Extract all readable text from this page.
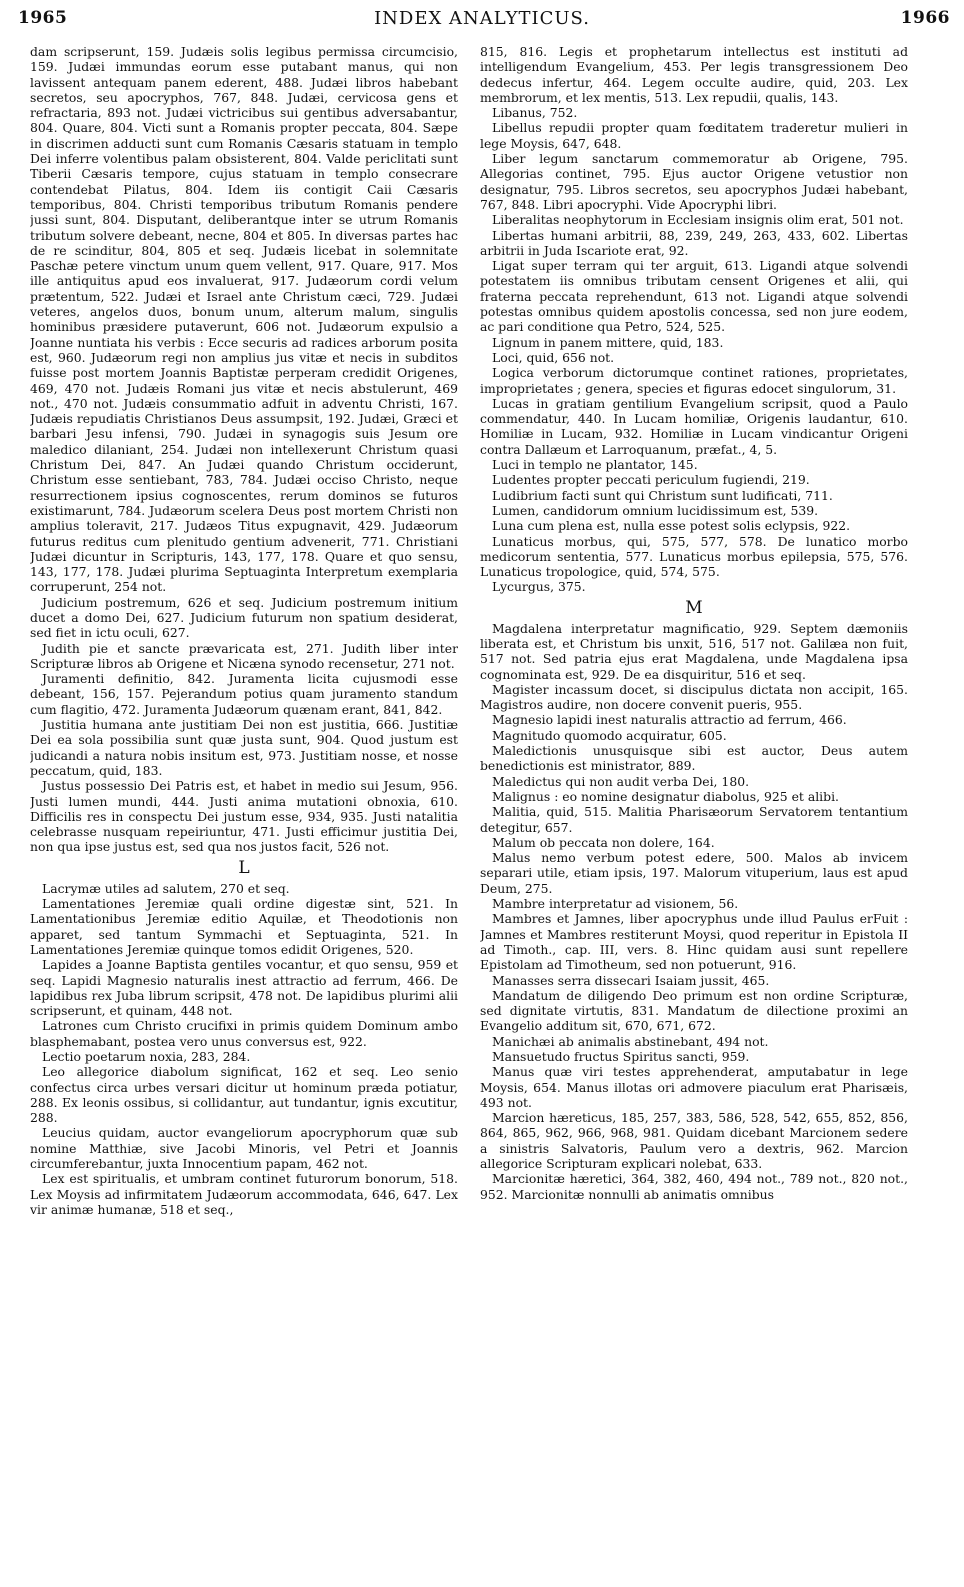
1965	INDEX ANALYTICUS.	1966

dam scripserunt, 159. Judæis solis legibus permissa circumcisio, 159. Judæi immundas eorum esse putabant manus, qui non lavissent antequam panem ederent, 488. Judæi libros habebant secretos, seu apocryphos, 767, 848. Judæi, cervicosa gens et refractaria, 893 not. Judæi victricibus sui gentibus adversabantur, 804. Quare, 804. Victi sunt a Romanis propter peccata, 804. Sæpe in discrimen adducti sunt cum Romanis Cæsaris statuam in templo Dei inferre volentibus palam obsisterent, 804. Valde periclitati sunt Tiberii Cæsaris tempore, cujus statuam in templo consecrare contendebat Pilatus, 804. Idem iis contigit Caii Cæsaris temporibus, 804. Christi temporibus tributum Romanis pendere jussi sunt, 804. Disputant, deliberantque inter se utrum Romanis tributum solvere debeant, necne, 804 et 805. In diversas partes hac de re scinditur, 804, 805 et seq. Judæis licebat in solemnitate Paschæ petere vinctum unum quem vellent, 917. Quare, 917. Mos ille antiquitus apud eos invaluerat, 917. Judæorum cordi velum prætentum, 522. Judæi et Israel ante Christum cæci, 729. Judæi veteres, angelos duos, bonum unum, alterum malum, singulis hominibus præsidere putaverunt, 606 not. Judæorum expulsio a Joanne nuntiata his verbis : Ecce securis ad radices arborum posita est, 960. Judæorum regi non amplius jus vitæ et necis in subditos fuisse post mortem Joannis Baptistæ perperam credidit Origenes, 469, 470 not. Judæis Romani jus vitæ et necis abstulerunt, 469 not., 470 not. Judæis consummatio adfuit in adventu Christi, 167. Judæis repudiatis Christianos Deus assumpsit, 192. Judæi, Græci et barbari Jesu infensi, 790. Judæi in synagogis suis Jesum ore maledico dilaniant, 254. Judæi non intellexerunt Christum quasi Christum Dei, 847. An Judæi quando Christum occiderunt, Christum esse sentiebant, 783, 784. Judæi occiso Christo, neque resurrectionem ipsius cognoscentes, rerum dominos se futuros existimarunt, 784. Judæorum scelera Deus post mortem Christi non amplius toleravit, 217. Judæos Titus expugnavit, 429. Judæorum futurus reditus cum plenitudo gentium advenerit, 771. Christiani Judæi dicuntur in Scripturis, 143, 177, 178. Quare et quo sensu, 143, 177, 178. Judæi plurima Septuaginta Interpretum exemplaria corruperunt, 254 not.

Judicium postremum, 626 et seq. Judicium postremum initium ducet a domo Dei, 627. Judicium futurum non spatium desiderat, sed fiet in ictu oculi, 627.

Judith pie et sancte prævaricata est, 271. Judith liber inter Scripturæ libros ab Origene et Nicæna synodo recensetur, 271 not.

Juramenti definitio, 842. Juramenta licita cujusmodi esse debeant, 156, 157. Pejerandum potius quam juramento standum cum flagitio, 472. Juramenta Judæorum quænam erant, 841, 842.

Justitia humana ante justitiam Dei non est justitia, 666. Justitiæ Dei ea sola possibilia sunt quæ justa sunt, 904. Quod justum est judicandi a natura nobis insitum est, 973. Justitiam nosse, et nosse peccatum, quid, 183.

Justus possessio Dei Patris est, et habet in medio sui Jesum, 956. Justi lumen mundi, 444. Justi anima mutationi obnoxia, 610. Difficilis res in conspectu Dei justum esse, 934, 935. Justi natalitia celebrasse nusquam repeiriuntur, 471. Justi efficimur justitia Dei, non qua ipse justus est, sed qua nos justos facit, 526 not.

L

Lacrymæ utiles ad salutem, 270 et seq.

Lamentationes Jeremiæ quali ordine digestæ sint, 521. In Lamentationibus Jeremiæ editio Aquilæ, et Theodotionis non apparet, sed tantum Symmachi et Septuaginta, 521. In Lamentationes Jeremiæ quinque tomos edidit Origenes, 520.

Lapides a Joanne Baptista gentiles vocantur, et quo sensu, 959 et seq. Lapidi Magnesio naturalis inest attractio ad ferrum, 466. De lapidibus rex Juba librum scripsit, 478 not. De lapidibus plurimi alii scripserunt, et quinam, 448 not.

Latrones cum Christo crucifixi in primis quidem Dominum ambo blasphemabant, postea vero unus conversus est, 922.

Lectio poetarum noxia, 283, 284.

Leo allegorice diabolum significat, 162 et seq. Leo senio confectus circa urbes versari dicitur ut hominum præda potiatur, 288. Ex leonis ossibus, si collidantur, aut tundantur, ignis excutitur, 288.

Leucius quidam, auctor evangeliorum apocryphorum quæ sub nomine Matthiæ, sive Jacobi Minoris, vel Petri et Joannis circumferebantur, juxta Innocentium papam, 462 not.

Lex est spiritualis, et umbram continet futurorum bonorum, 518. Lex Moysis ad infirmitatem Judæorum accommodata, 646, 647. Lex vir animæ humanæ, 518 et seq.,

815, 816. Legis et prophetarum intellectus est instituti ad intelligendum Evangelium, 453. Per legis transgressionem Deo dedecus infertur, 464. Legem occulte audire, quid, 203. Lex membrorum, et lex mentis, 513. Lex repudii, qualis, 143.

Libanus, 752.

Libellus repudii propter quam fœditatem traderetur mulieri in lege Moysis, 647, 648.

Liber legum sanctarum commemoratur ab Origene, 795. Allegorias continet, 795. Ejus auctor Origene vetustior non designatur, 795. Libros secretos, seu apocryphos Judæi habebant, 767, 848. Libri apocryphi. Vide Apocryphi libri.

Liberalitas neophytorum in Ecclesiam insignis olim erat, 501 not.

Libertas humani arbitrii, 88, 239, 249, 263, 433, 602. Libertas arbitrii in Juda Iscariote erat, 92.

Ligat super terram qui ter arguit, 613. Ligandi atque solvendi potestatem iis omnibus tributam censent Origenes et alii, qui fraterna peccata reprehendunt, 613 not. Ligandi atque solvendi potestas omnibus quidem apostolis concessa, sed non jure eodem, ac pari conditione qua Petro, 524, 525.

Lignum in panem mittere, quid, 183.

Loci, quid, 656 not.

Logica verborum dictorumque continet rationes, proprietates, improprietates ; genera, species et figuras edocet singulorum, 31.

Lucas in gratiam gentilium Evangelium scripsit, quod a Paulo commendatur, 440. In Lucam homiliæ, Origenis laudantur, 610. Homiliæ in Lucam, 932. Homiliæ in Lucam vindicantur Origeni contra Dallæum et Larroquanum, præfat., 4, 5.

Luci in templo ne plantator, 145.

Ludentes propter peccati periculum fugiendi, 219.

Ludibrium facti sunt qui Christum sunt ludificati, 711.

Lumen, candidorum omnium lucidissimum est, 539.

Luna cum plena est, nulla esse potest solis eclypsis, 922.

Lunaticus morbus, qui, 575, 577, 578. De lunatico morbo medicorum sententia, 577. Lunaticus morbus epilepsia, 575, 576. Lunaticus tropologice, quid, 574, 575.

Lycurgus, 375.

M

Magdalena interpretatur magnificatio, 929. Septem dæmoniis liberata est, et Christum bis unxit, 516, 517 not. Galilæa non fuit, 517 not. Sed patria ejus erat Magdalena, unde Magdalena ipsa cognominata est, 929. De ea disquiritur, 516 et seq.

Magister incassum docet, si discipulus dictata non accipit, 165. Magistros audire, non docere convenit pueris, 955.

Magnesio lapidi inest naturalis attractio ad ferrum, 466.

Magnitudo quomodo acquiratur, 605.

Maledictionis unusquisque sibi est auctor, Deus autem benedictionis est ministrator, 889.

Maledictus qui non audit verba Dei, 180.

Malignus : eo nomine designatur diabolus, 925 et alibi.

Malitia, quid, 515. Malitia Pharisæorum Servatorem tentantium detegitur, 657.

Malum ob peccata non dolere, 164.

Malus nemo verbum potest edere, 500. Malos ab invicem separari utile, etiam ipsis, 197. Malorum vituperium, laus est apud Deum, 275.

Mambre interpretatur ad visionem, 56.

Mambres et Jamnes, liber apocryphus unde illud Paulus erFuit : Jamnes et Mambres restiterunt Moysi, quod reperitur in Epistola II ad Timoth., cap. III, vers. 8. Hinc quidam ausi sunt repellere Epistolam ad Timotheum, sed non potuerunt, 916.

Manasses serra dissecari Isaiam jussit, 465.

Mandatum de diligendo Deo primum est non ordine Scripturæ, sed dignitate virtutis, 831. Mandatum de dilectione proximi an Evangelio additum sit, 670, 671, 672.

Manichæi ab animalis abstinebant, 494 not.

Mansuetudo fructus Spiritus sancti, 959.

Manus quæ viri testes apprehenderat, amputabatur in lege Moysis, 654. Manus illotas ori admovere piaculum erat Pharisæis, 493 not.

Marcion hæreticus, 185, 257, 383, 586, 528, 542, 655, 852, 856, 864, 865, 962, 966, 968, 981. Quidam dicebant Marcionem sedere a sinistris Salvatoris, Paulum vero a dextris, 962. Marcion allegorice Scripturam explicari nolebat, 633.

Marcionitæ hæretici, 364, 382, 460, 494 not., 789 not., 820 not., 952. Marcionitæ nonnulli ab animatis omnibus
